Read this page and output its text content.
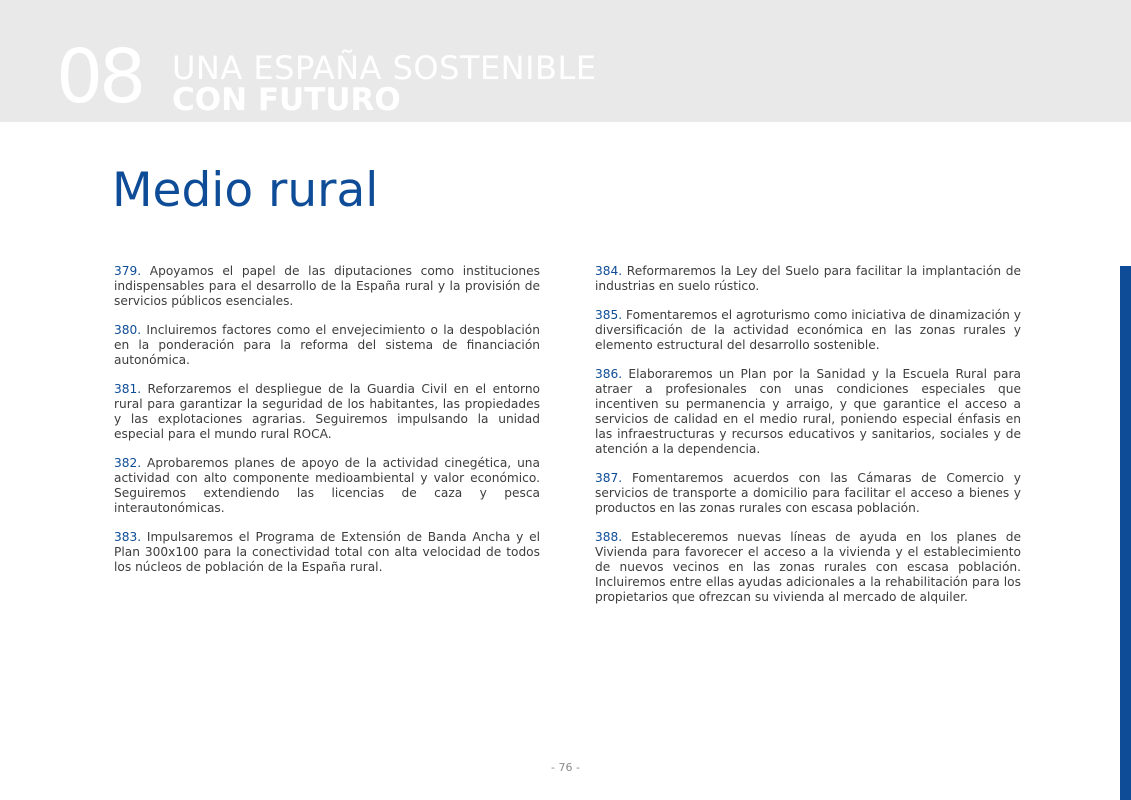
08 UNA ESPAÑA SOSTENIBLE
CON FUTURO
Medio rural

379. Apoyamos el papel de las diputaciones como instituciones indispensables para el desarrollo de la España rural y la provisión de servicios públicos esenciales.

380. Incluiremos factores como el envejecimiento o la despoblación en la ponderación para la reforma del sistema de financiación autonómica.

381. Reforzaremos el despliegue de la Guardia Civil en el entorno rural para garantizar la seguridad de los habitantes, las propiedades y las explotaciones agrarias. Seguiremos impulsando la unidad especial para el mundo rural ROCA.

382. Aprobaremos planes de apoyo de la actividad cinegética, una actividad con alto componente medioambiental y valor económico. Seguiremos extendiendo las licencias de caza y pesca interautonómicas.

383. Impulsaremos el Programa de Extensión de Banda Ancha y el Plan 300x100 para la conectividad total con alta velocidad de todos los núcleos de población de la España rural.

384. Reformaremos la Ley del Suelo para facilitar la implantación de industrias en suelo rústico.

385. Fomentaremos el agroturismo como iniciativa de dinamización y diversificación de la actividad económica en las zonas rurales y elemento estructural del desarrollo sostenible.

386. Elaboraremos un Plan por la Sanidad y la Escuela Rural para atraer a profesionales con unas condiciones especiales que incentiven su permanencia y arraigo, y que garantice el acceso a servicios de calidad en el medio rural, poniendo especial énfasis en las infraestructuras y recursos educativos y sanitarios, sociales y de atención a la dependencia.

387. Fomentaremos acuerdos con las Cámaras de Comercio y servicios de transporte a domicilio para facilitar el acceso a bienes y productos en las zonas rurales con escasa población.

388. Estableceremos nuevas líneas de ayuda en los planes de Vivienda para favorecer el acceso a la vivienda y el establecimiento de nuevos vecinos en las zonas rurales con escasa población. Incluiremos entre ellas ayudas adicionales a la rehabilitación para los propietarios que ofrezcan su vivienda al mercado de alquiler.

- 76 -
